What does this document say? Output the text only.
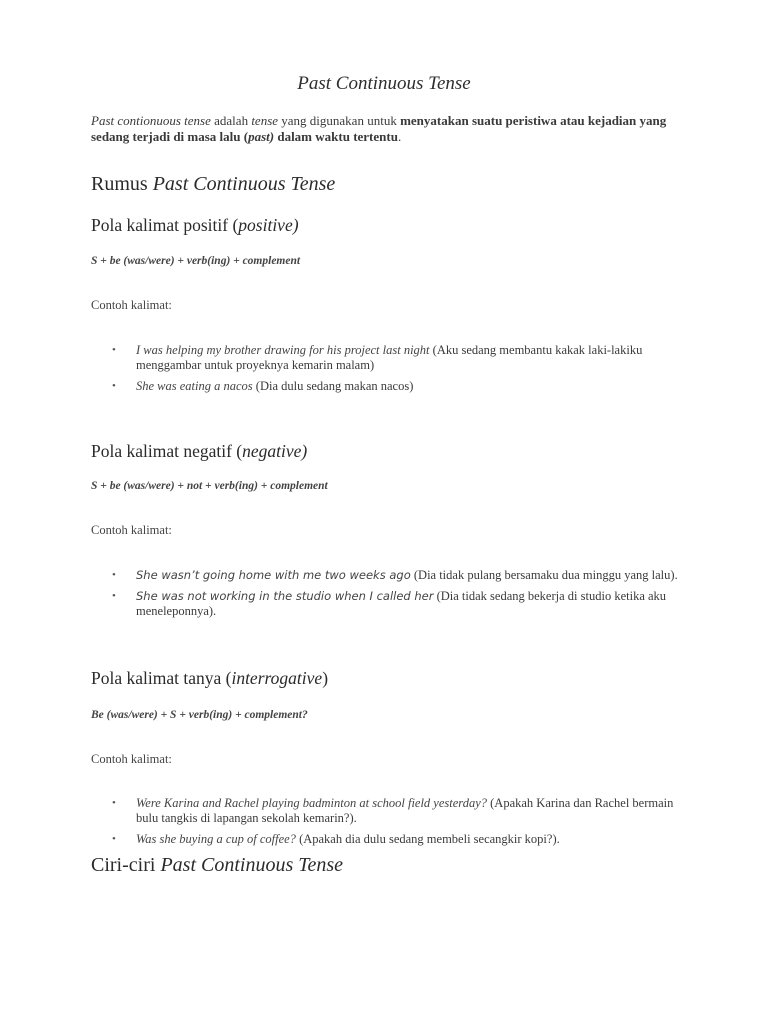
Past Continuous Tense

Past contionuous tense adalah tense yang digunakan untuk menyatakan suatu peristiwa atau kejadian yang sedang terjadi di masa lalu (past) dalam waktu tertentu.

Rumus Past Continuous Tense
Pola kalimat positif (positive)

S + be (was/were) + verb(ing) + complement

Contoh kalimat:

• I was helping my brother drawing for his project last night (Aku sedang membantu kakak laki-lakiku menggambar untuk proyeknya kemarin malam)
• She was eating a nacos (Dia dulu sedang makan nacos)
Pola kalimat negatif (negative)

S + be (was/were) + not + verb(ing) + complement

Contoh kalimat:

• She wasn’t going home with me two weeks ago (Dia tidak pulang bersamaku dua minggu yang lalu).
• She was not working in the studio when I called her (Dia tidak sedang bekerja di studio ketika aku meneleponnya).
Pola kalimat tanya (interrogative)

Be (was/were) + S + verb(ing) + complement?

Contoh kalimat:

• Were Karina and Rachel playing badminton at school field yesterday? (Apakah Karina dan Rachel bermain bulu tangkis di lapangan sekolah kemarin?).
• Was she buying a cup of coffee? (Apakah dia dulu sedang membeli secangkir kopi?).
Ciri-ciri Past Continuous Tense
